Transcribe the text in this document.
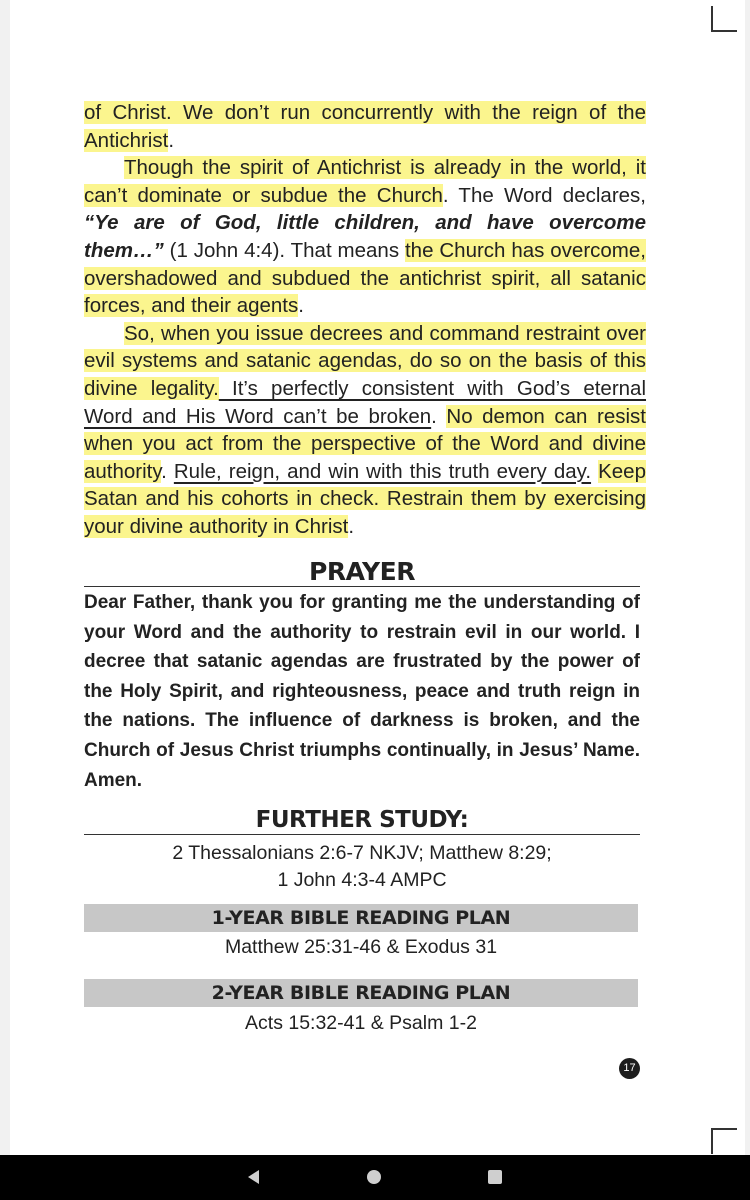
of Christ. We don’t run concurrently with the reign of the Antichrist.

Though the spirit of Antichrist is already in the world, it can’t dominate or subdue the Church. The Word declares, “Ye are of God, little children, and have overcome them…” (1 John 4:4). That means the Church has overcome, overshadowed and subdued the antichrist spirit, all satanic forces, and their agents.

So, when you issue decrees and command restraint over evil systems and satanic agendas, do so on the basis of this divine legality. It’s perfectly consistent with God’s eternal Word and His Word can’t be broken. No demon can resist when you act from the perspective of the Word and divine authority. Rule, reign, and win with this truth every day. Keep Satan and his cohorts in check. Restrain them by exercising your divine authority in Christ.

PRAYER

Dear Father, thank you for granting me the understanding of your Word and the authority to restrain evil in our world. I decree that satanic agendas are frustrated by the power of the Holy Spirit, and righteousness, peace and truth reign in the nations. The influence of darkness is broken, and the Church of Jesus Christ triumphs continually, in Jesus’ Name. Amen.

FURTHER STUDY:
2 Thessalonians 2:6-7 NKJV; Matthew 8:29;
1 John 4:3-4 AMPC
1-YEAR BIBLE READING PLAN
Matthew 25:31-46 & Exodus 31
2-YEAR BIBLE READING PLAN
Acts 15:32-41 & Psalm 1-2
17
